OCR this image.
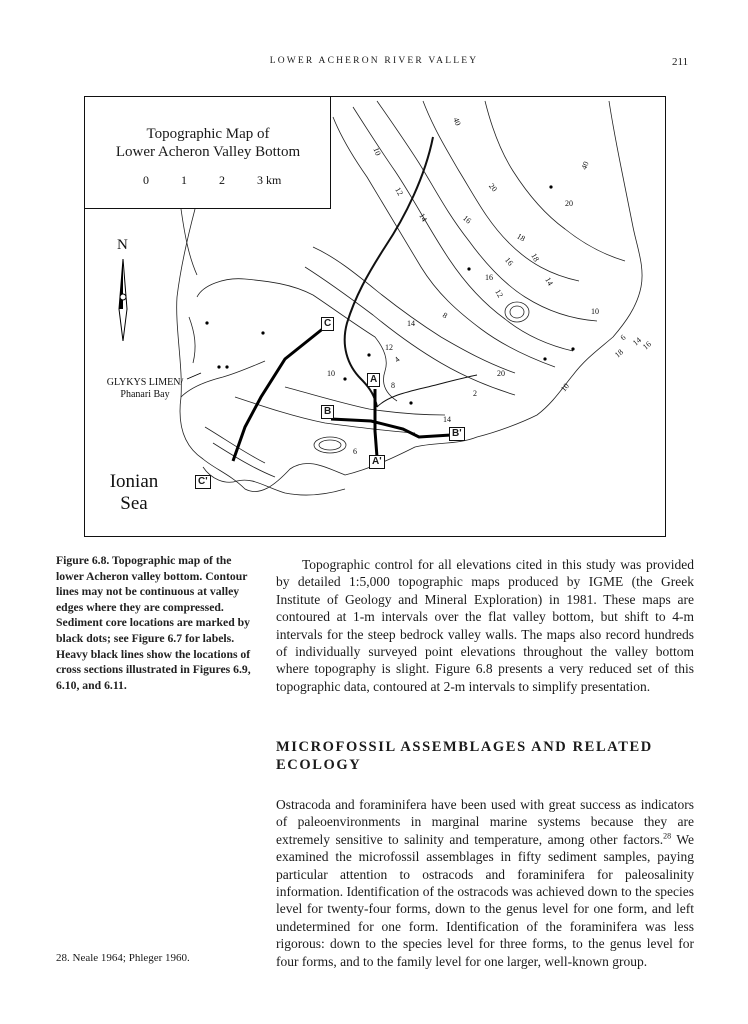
LOWER ACHERON RIVER VALLEY	211
Topographic Map of
Lower Acheron Valley Bottom
0	1	2	3 km
N
GLYKYS LIMEN/
Phanari Bay
Ionian
Sea
C
A
B
B'
A'
C'
40
10
12
14
20
16
18
40
20
16 18
14
16
12
14
8	10
12
4
6 14
16
18
20
10
2
8	10
14
6
Figure 6.8. Topographic map of the lower Acheron valley bottom. Contour lines may not be continuous at valley edges where they are compressed. Sediment core locations are marked by black dots; see Figure 6.7 for labels. Heavy black lines show the locations of cross sections illustrated in Figures 6.9, 6.10, and 6.11.

Topographic control for all elevations cited in this study was provided by detailed 1:5,000 topographic maps produced by IGME (the Greek Institute of Geology and Mineral Exploration) in 1981. These maps are contoured at 1-m intervals over the flat valley bottom, but shift to 4-m intervals for the steep bedrock valley walls. The maps also record hundreds of individually surveyed point elevations throughout the valley bottom where topography is slight. Figure 6.8 presents a very reduced set of this topographic data, contoured at 2-m intervals to simplify presentation.

MICROFOSSIL ASSEMBLAGES AND RELATED ECOLOGY

Ostracoda and foraminifera have been used with great success as indicators of paleoenvironments in marginal marine systems because they are extremely sensitive to salinity and temperature, among other factors.$^{28}$ We examined the microfossil assemblages in fifty sediment samples, paying particular attention to ostracods and foraminifera for paleosalinity information. Identification of the ostracods was achieved down to the species level for twenty-four forms, down to the genus level for one form, and left undetermined for one form. Identification of the foraminifera was less rigorous: down to the species level for three forms, to the genus level for four forms, and to the family level for one larger, well-known group.

28. Neale 1964; Phleger 1960.
